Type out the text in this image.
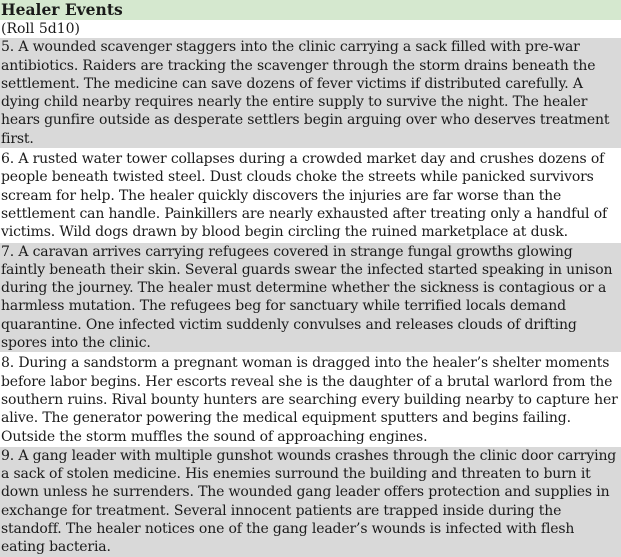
Healer Events
(Roll 5d10)
5. A wounded scavenger staggers into the clinic carrying a sack filled with pre-war antibiotics. Raiders are tracking the scavenger through the storm drains beneath the settlement. The medicine can save dozens of fever victims if distributed carefully. A dying child nearby requires nearly the entire supply to survive the night. The healer hears gunfire outside as desperate settlers begin arguing over who deserves treatment first.
6. A rusted water tower collapses during a crowded market day and crushes dozens of people beneath twisted steel. Dust clouds choke the streets while panicked survivors scream for help. The healer quickly discovers the injuries are far worse than the settlement can handle. Painkillers are nearly exhausted after treating only a handful of victims. Wild dogs drawn by blood begin circling the ruined marketplace at dusk.
7. A caravan arrives carrying refugees covered in strange fungal growths glowing faintly beneath their skin. Several guards swear the infected started speaking in unison during the journey. The healer must determine whether the sickness is contagious or a harmless mutation. The refugees beg for sanctuary while terrified locals demand quarantine. One infected victim suddenly convulses and releases clouds of drifting spores into the clinic.
8. During a sandstorm a pregnant woman is dragged into the healer’s shelter moments before labor begins. Her escorts reveal she is the daughter of a brutal warlord from the southern ruins. Rival bounty hunters are searching every building nearby to capture her alive. The generator powering the medical equipment sputters and begins failing. Outside the storm muffles the sound of approaching engines.
9. A gang leader with multiple gunshot wounds crashes through the clinic door carrying a sack of stolen medicine. His enemies surround the building and threaten to burn it down unless he surrenders. The wounded gang leader offers protection and supplies in exchange for treatment. Several innocent patients are trapped inside during the standoff. The healer notices one of the gang leader’s wounds is infected with flesh eating bacteria.
